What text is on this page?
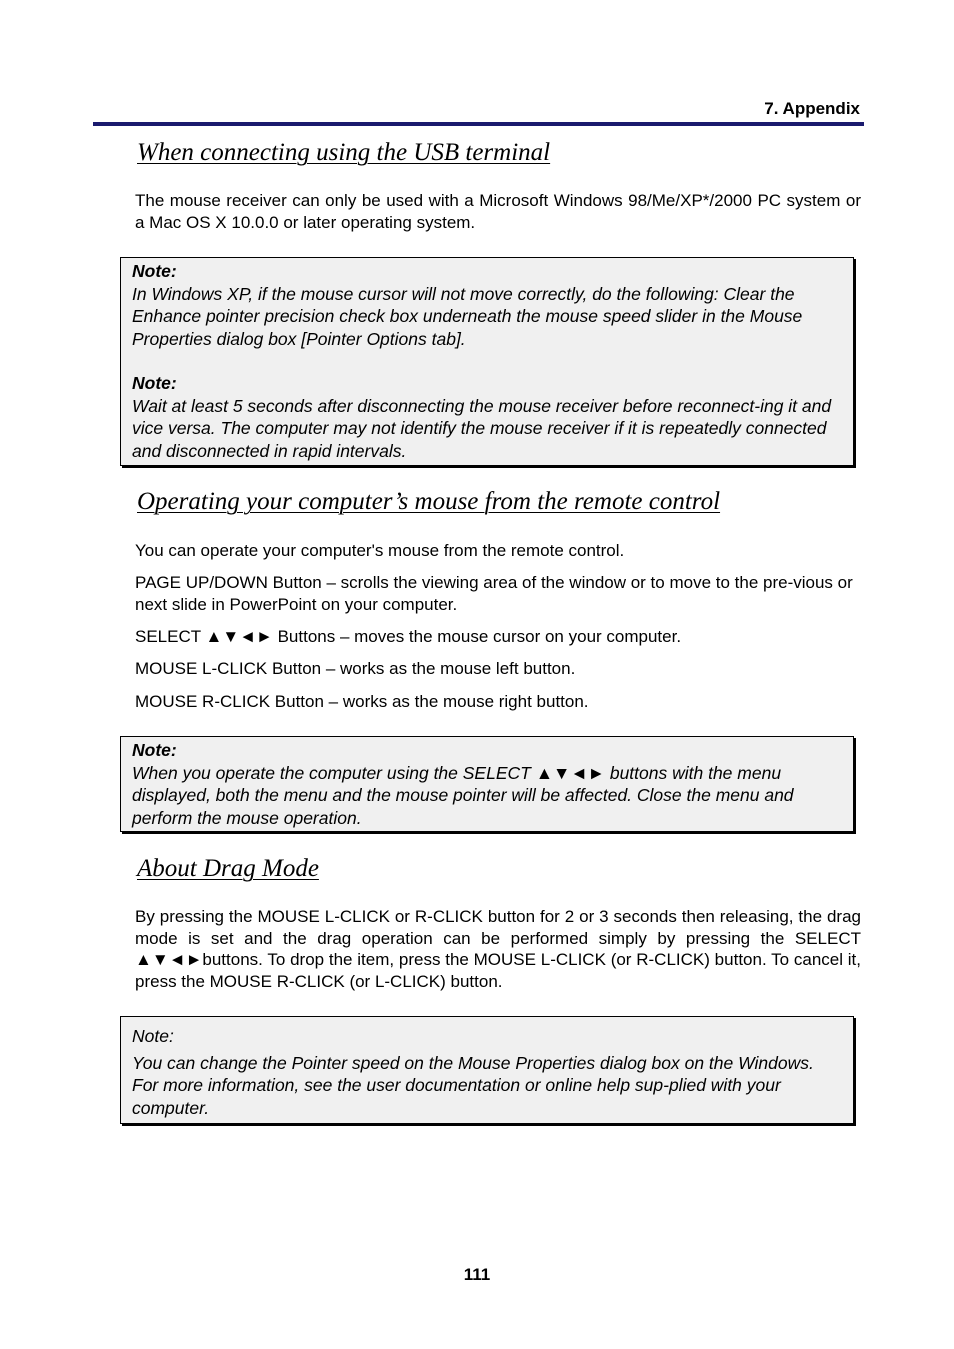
7. Appendix

When connecting using the USB terminal

The mouse receiver can only be used with a Microsoft Windows 98/Me/XP*/2000 PC system or a Mac OS X 10.0.0 or later operating system.

Note:

In Windows XP, if the mouse cursor will not move correctly, do the following: Clear the Enhance pointer precision check box underneath the mouse speed slider in the Mouse Properties dialog box [Pointer Options tab].

Note:

Wait at least 5 seconds after disconnecting the mouse receiver before reconnect-ing it and vice versa. The computer may not identify the mouse receiver if it is repeatedly connected and disconnected in rapid intervals.

Operating your computer’s mouse from the remote control

You can operate your computer's mouse from the remote control.

PAGE UP/DOWN Button – scrolls the viewing area of the window or to move to the pre-vious or next slide in PowerPoint on your computer.

SELECT ▲▼◄► Buttons – moves the mouse cursor on your computer.

MOUSE L-CLICK Button – works as the mouse left button.

MOUSE R-CLICK Button – works as the mouse right button.

Note:

When you operate the computer using the SELECT ▲▼◄► buttons with the menu displayed, both the menu and the mouse pointer will be affected. Close the menu and perform the mouse operation.

About Drag Mode

By pressing the MOUSE L-CLICK or R-CLICK button for 2 or 3 seconds then releasing, the drag mode is set and the drag operation can be performed simply by pressing the SELECT ▲▼◄►buttons. To drop the item, press the MOUSE L-CLICK (or R-CLICK) button. To cancel it, press the MOUSE R-CLICK (or L-CLICK) button.

Note:

You can change the Pointer speed on the Mouse Properties dialog box on the Windows. For more information, see the user documentation or online help sup-plied with your computer.

111
